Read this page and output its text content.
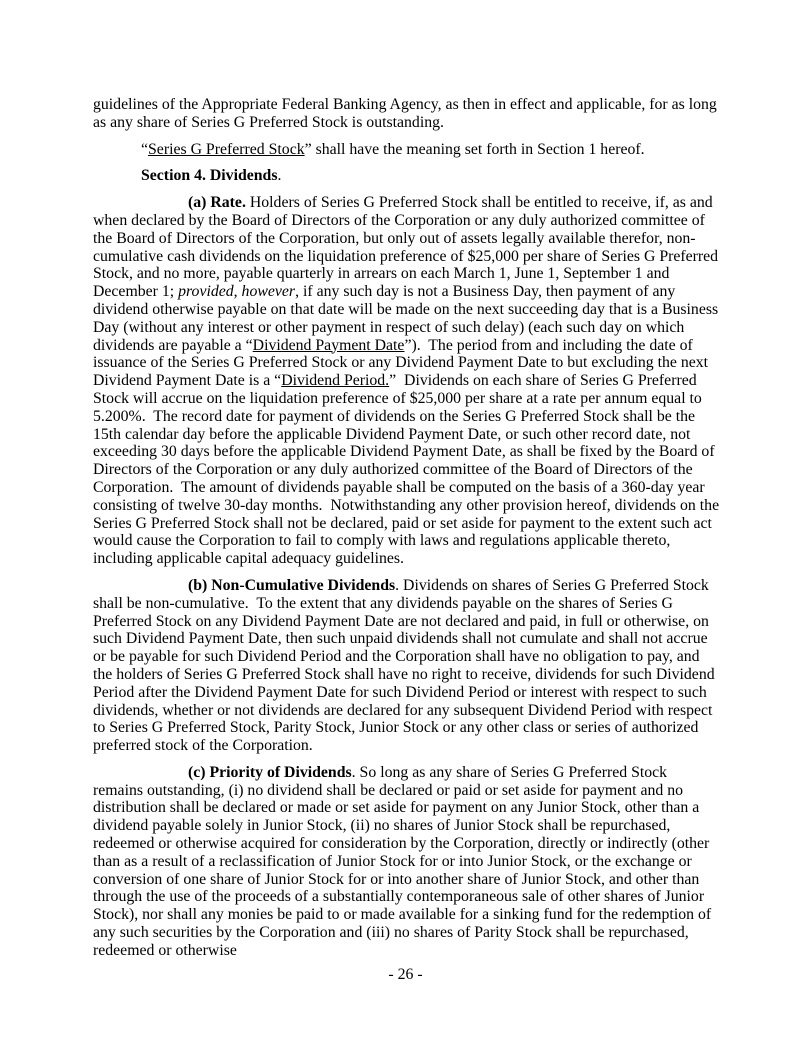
guidelines of the Appropriate Federal Banking Agency, as then in effect and applicable, for as long as any share of Series G Preferred Stock is outstanding.

“Series G Preferred Stock” shall have the meaning set forth in Section 1 hereof.

Section 4. Dividends.

(a) Rate. Holders of Series G Preferred Stock shall be entitled to receive, if, as and when declared by the Board of Directors of the Corporation or any duly authorized committee of the Board of Directors of the Corporation, but only out of assets legally available therefor, non-cumulative cash dividends on the liquidation preference of $25,000 per share of Series G Preferred Stock, and no more, payable quarterly in arrears on each March 1, June 1, September 1 and December 1; provided, however, if any such day is not a Business Day, then payment of any dividend otherwise payable on that date will be made on the next succeeding day that is a Business Day (without any interest or other payment in respect of such delay) (each such day on which dividends are payable a “Dividend Payment Date”).  The period from and including the date of issuance of the Series G Preferred Stock or any Dividend Payment Date to but excluding the next Dividend Payment Date is a “Dividend Period.”  Dividends on each share of Series G Preferred Stock will accrue on the liquidation preference of $25,000 per share at a rate per annum equal to 5.200%.  The record date for payment of dividends on the Series G Preferred Stock shall be the 15th calendar day before the applicable Dividend Payment Date, or such other record date, not exceeding 30 days before the applicable Dividend Payment Date, as shall be fixed by the Board of Directors of the Corporation or any duly authorized committee of the Board of Directors of the Corporation.  The amount of dividends payable shall be computed on the basis of a 360-day year consisting of twelve 30-day months.  Notwithstanding any other provision hereof, dividends on the Series G Preferred Stock shall not be declared, paid or set aside for payment to the extent such act would cause the Corporation to fail to comply with laws and regulations applicable thereto, including applicable capital adequacy guidelines.

(b) Non-Cumulative Dividends. Dividends on shares of Series G Preferred Stock shall be non-cumulative.  To the extent that any dividends payable on the shares of Series G Preferred Stock on any Dividend Payment Date are not declared and paid, in full or otherwise, on such Dividend Payment Date, then such unpaid dividends shall not cumulate and shall not accrue or be payable for such Dividend Period and the Corporation shall have no obligation to pay, and the holders of Series G Preferred Stock shall have no right to receive, dividends for such Dividend Period after the Dividend Payment Date for such Dividend Period or interest with respect to such dividends, whether or not dividends are declared for any subsequent Dividend Period with respect to Series G Preferred Stock, Parity Stock, Junior Stock or any other class or series of authorized preferred stock of the Corporation.

(c) Priority of Dividends. So long as any share of Series G Preferred Stock remains outstanding, (i) no dividend shall be declared or paid or set aside for payment and no distribution shall be declared or made or set aside for payment on any Junior Stock, other than a dividend payable solely in Junior Stock, (ii) no shares of Junior Stock shall be repurchased, redeemed or otherwise acquired for consideration by the Corporation, directly or indirectly (other than as a result of a reclassification of Junior Stock for or into Junior Stock, or the exchange or conversion of one share of Junior Stock for or into another share of Junior Stock, and other than through the use of the proceeds of a substantially contemporaneous sale of other shares of Junior Stock), nor shall any monies be paid to or made available for a sinking fund for the redemption of any such securities by the Corporation and (iii) no shares of Parity Stock shall be repurchased, redeemed or otherwise

- 26 -
